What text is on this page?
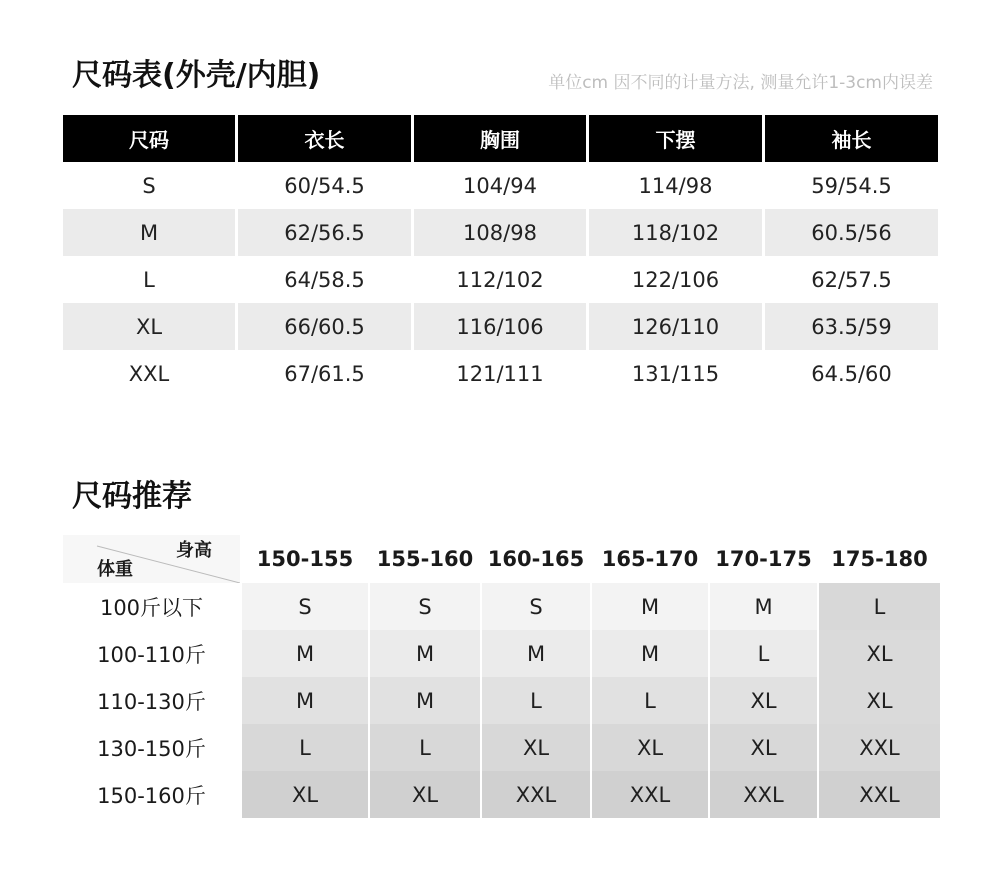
尺码表(外壳/内胆)	单位cm 因不同的计量方法, 测量允许1-3cm内误差
尺码	衣长	胸围	下摆	袖长
S	60/54.5	104/94	114/98	59/54.5
M	62/56.5	108/98	118/102	60.5/56
L	64/58.5	112/102	122/106	62/57.5
XL	66/60.5	116/106	126/110	63.5/59
XXL	67/61.5	121/111	131/115	64.5/60
尺码推荐
身高
体重	150-155	155-160	160-165	165-170	170-175	175-180
100斤以下	S	S	S	M	M	L
100-110斤	M	M	M	M	L	XL
110-130斤	M	M	L	L	XL	XL
130-150斤	L	L	XL	XL	XL	XXL
150-160斤	XL	XL	XXL	XXL	XXL	XXL
